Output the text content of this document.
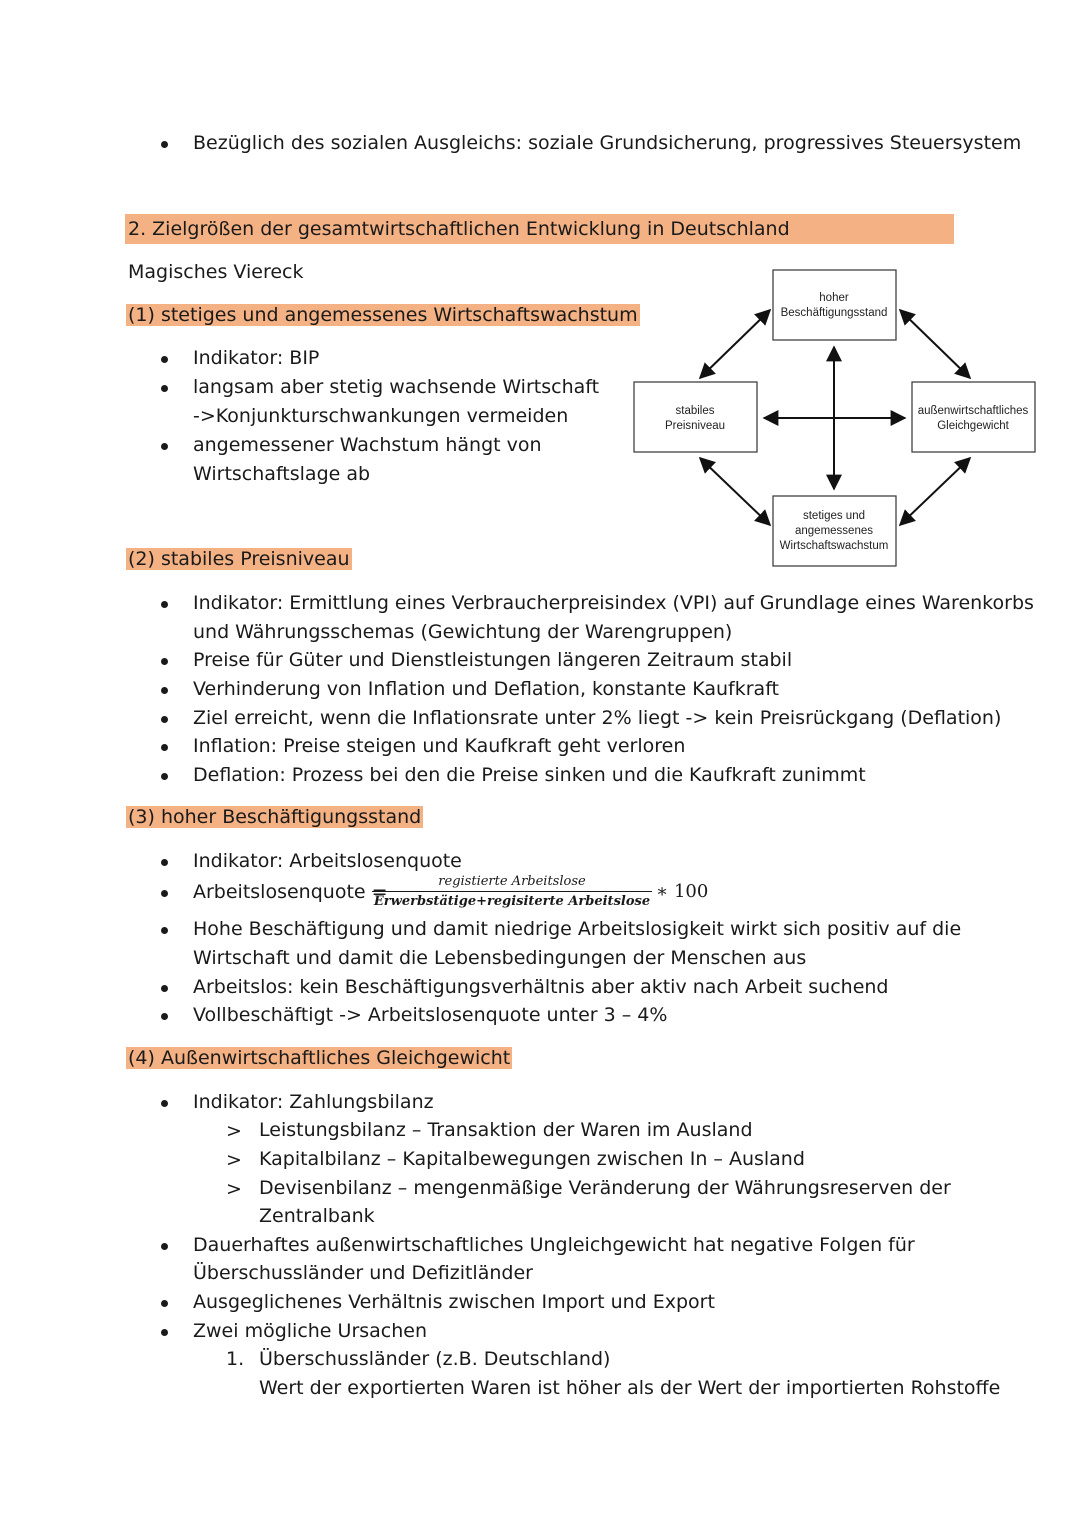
Bezüglich des sozialen Ausgleichs: soziale Grundsicherung, progressives Steuersystem
2. Zielgrößen der gesamtwirtschaftlichen Entwicklung in Deutschland
Magisches Viereck
(1) stetiges und angemessenes Wirtschaftswachstum
Indikator: BIP
langsam aber stetig wachsende Wirtschaft
->Konjunkturschwankungen vermeiden
angemessener Wachstum hängt von
Wirtschaftslage ab
hoher
Beschäftigungsstand
stabiles
Preisniveau
außenwirtschaftliches
Gleichgewicht
stetiges und
angemessenes
Wirtschaftswachstum
(2) stabiles Preisniveau
Indikator: Ermittlung eines Verbraucherpreisindex (VPI) auf Grundlage eines Warenkorbs
und Währungsschemas (Gewichtung der Warengruppen)
Preise für Güter und Dienstleistungen längeren Zeitraum stabil
Verhinderung von Inflation und Deflation, konstante Kaufkraft
Ziel erreicht, wenn die Inflationsrate unter 2% liegt -> kein Preisrückgang (Deflation)
Inflation: Preise steigen und Kaufkraft geht verloren
Deflation: Prozess bei den die Preise sinken und die Kaufkraft zunimmt
(3) hoher Beschäftigungsstand
Indikator: Arbeitslosenquote
Arbeitslosenquote =	registierte Arbeitslose
Erwerbstätige+regisiterte Arbeitslose ∗ 100
Hohe Beschäftigung und damit niedrige Arbeitslosigkeit wirkt sich positiv auf die
Wirtschaft und damit die Lebensbedingungen der Menschen aus
Arbeitslos: kein Beschäftigungsverhältnis aber aktiv nach Arbeit suchend
Vollbeschäftigt -> Arbeitslosenquote unter 3 – 4%
(4) Außenwirtschaftliches Gleichgewicht
Indikator: Zahlungsbilanz
> Leistungsbilanz – Transaktion der Waren im Ausland
> Kapitalbilanz – Kapitalbewegungen zwischen In – Ausland
> Devisenbilanz – mengenmäßige Veränderung der Währungsreserven der
Zentralbank
Dauerhaftes außenwirtschaftliches Ungleichgewicht hat negative Folgen für
Überschussländer und Defizitländer
Ausgeglichenes Verhältnis zwischen Import und Export
Zwei mögliche Ursachen
1. Überschussländer (z.B. Deutschland)
Wert der exportierten Waren ist höher als der Wert der importierten Rohstoffe
